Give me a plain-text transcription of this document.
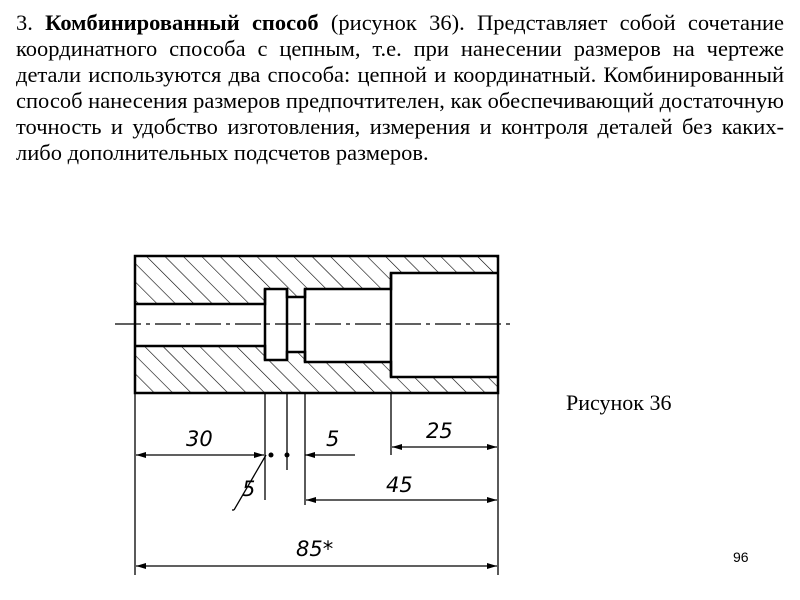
3. Комбинированный способ (рисунок 36). Представляет собой сочетание координатного способа с цепным, т.е. при нанесении размеров на чертеже детали используются два способа: цепной и координатный. Комбинированный способ нанесения размеров предпочтителен, как обеспечивающий достаточную точность и удобство изготовления, измерения и контроля деталей без каких-либо дополнительных подсчетов размеров.

30	5	25
5	45
85*
Рисунок 36
96
